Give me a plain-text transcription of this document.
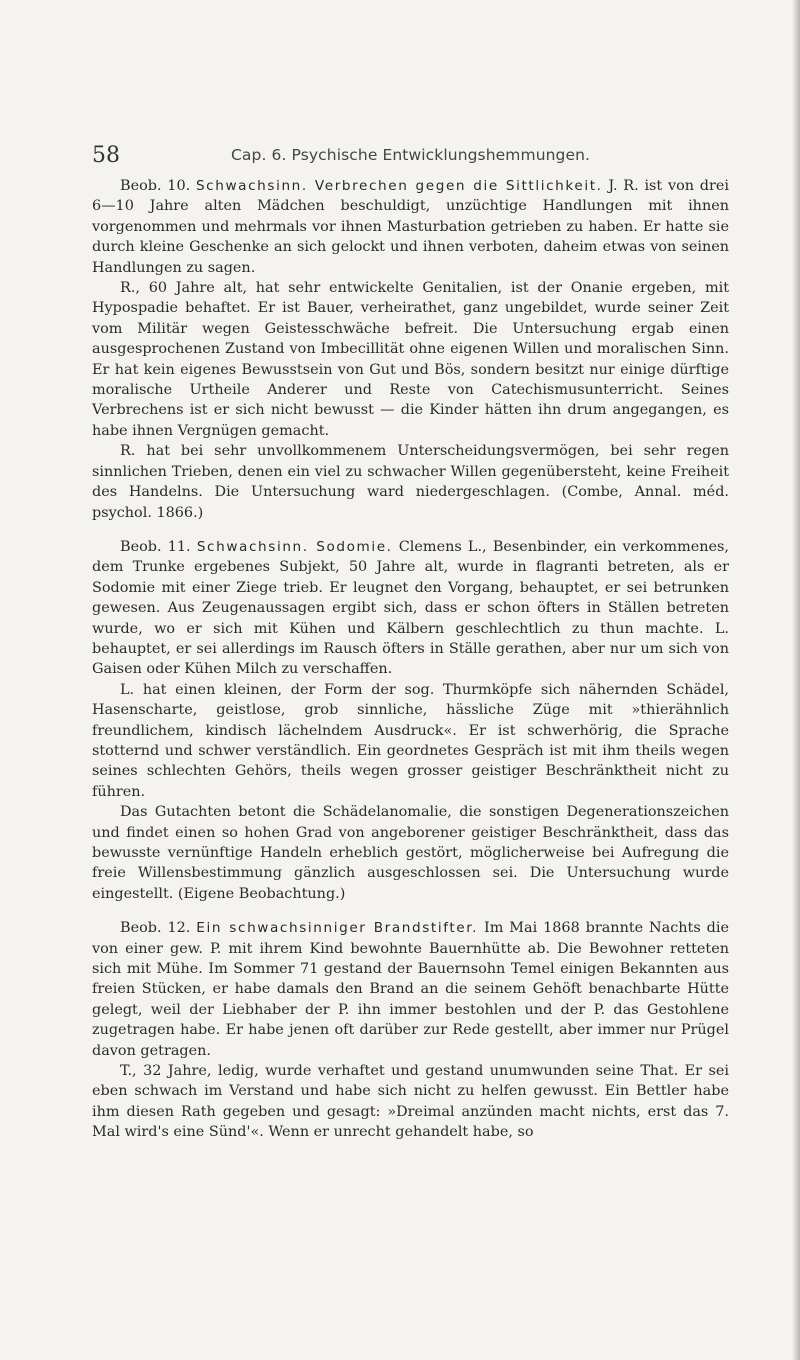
58	Cap. 6. Psychische Entwicklungshemmungen.

Beob. 10. Schwachsinn. Verbrechen gegen die Sittlichkeit. J. R. ist von drei 6—10 Jahre alten Mädchen beschuldigt, unzüchtige Handlungen mit ihnen vorgenommen und mehrmals vor ihnen Masturbation getrieben zu haben. Er hatte sie durch kleine Geschenke an sich gelockt und ihnen verboten, daheim etwas von seinen Handlungen zu sagen.

R., 60 Jahre alt, hat sehr entwickelte Genitalien, ist der Onanie ergeben, mit Hypospadie behaftet. Er ist Bauer, verheirathet, ganz ungebildet, wurde seiner Zeit vom Militär wegen Geistesschwäche befreit. Die Untersuchung ergab einen ausgesprochenen Zustand von Imbecillität ohne eigenen Willen und moralischen Sinn. Er hat kein eigenes Bewusstsein von Gut und Bös, sondern besitzt nur einige dürftige moralische Urtheile Anderer und Reste von Catechismusunterricht. Seines Verbrechens ist er sich nicht bewusst — die Kinder hätten ihn drum angegangen, es habe ihnen Vergnügen gemacht.

R. hat bei sehr unvollkommenem Unterscheidungsvermögen, bei sehr regen sinnlichen Trieben, denen ein viel zu schwacher Willen gegenübersteht, keine Freiheit des Handelns. Die Untersuchung ward niedergeschlagen. (Combe, Annal. méd. psychol. 1866.)

Beob. 11. Schwachsinn. Sodomie. Clemens L., Besenbinder, ein verkommenes, dem Trunke ergebenes Subjekt, 50 Jahre alt, wurde in flagranti betreten, als er Sodomie mit einer Ziege trieb. Er leugnet den Vorgang, behauptet, er sei betrunken gewesen. Aus Zeugenaussagen ergibt sich, dass er schon öfters in Ställen betreten wurde, wo er sich mit Kühen und Kälbern geschlechtlich zu thun machte. L. behauptet, er sei allerdings im Rausch öfters in Ställe gerathen, aber nur um sich von Gaisen oder Kühen Milch zu verschaffen.

L. hat einen kleinen, der Form der sog. Thurmköpfe sich nähernden Schädel, Hasenscharte, geistlose, grob sinnliche, hässliche Züge mit »thierähnlich freundlichem, kindisch lächelndem Ausdruck«. Er ist schwerhörig, die Sprache stotternd und schwer verständlich. Ein geordnetes Gespräch ist mit ihm theils wegen seines schlechten Gehörs, theils wegen grosser geistiger Beschränktheit nicht zu führen.

Das Gutachten betont die Schädelanomalie, die sonstigen Degenerationszeichen und findet einen so hohen Grad von angeborener geistiger Beschränktheit, dass das bewusste vernünftige Handeln erheblich gestört, möglicherweise bei Aufregung die freie Willensbestimmung gänzlich ausgeschlossen sei. Die Untersuchung wurde eingestellt. (Eigene Beobachtung.)

Beob. 12. Ein schwachsinniger Brandstifter. Im Mai 1868 brannte Nachts die von einer gew. P. mit ihrem Kind bewohnte Bauernhütte ab. Die Bewohner retteten sich mit Mühe. Im Sommer 71 gestand der Bauernsohn Temel einigen Bekannten aus freien Stücken, er habe damals den Brand an die seinem Gehöft benachbarte Hütte gelegt, weil der Liebhaber der P. ihn immer bestohlen und der P. das Gestohlene zugetragen habe. Er habe jenen oft darüber zur Rede gestellt, aber immer nur Prügel davon getragen.

T., 32 Jahre, ledig, wurde verhaftet und gestand unumwunden seine That. Er sei eben schwach im Verstand und habe sich nicht zu helfen gewusst. Ein Bettler habe ihm diesen Rath gegeben und gesagt: »Dreimal anzünden macht nichts, erst das 7. Mal wird's eine Sünd'«. Wenn er unrecht gehandelt habe, so
